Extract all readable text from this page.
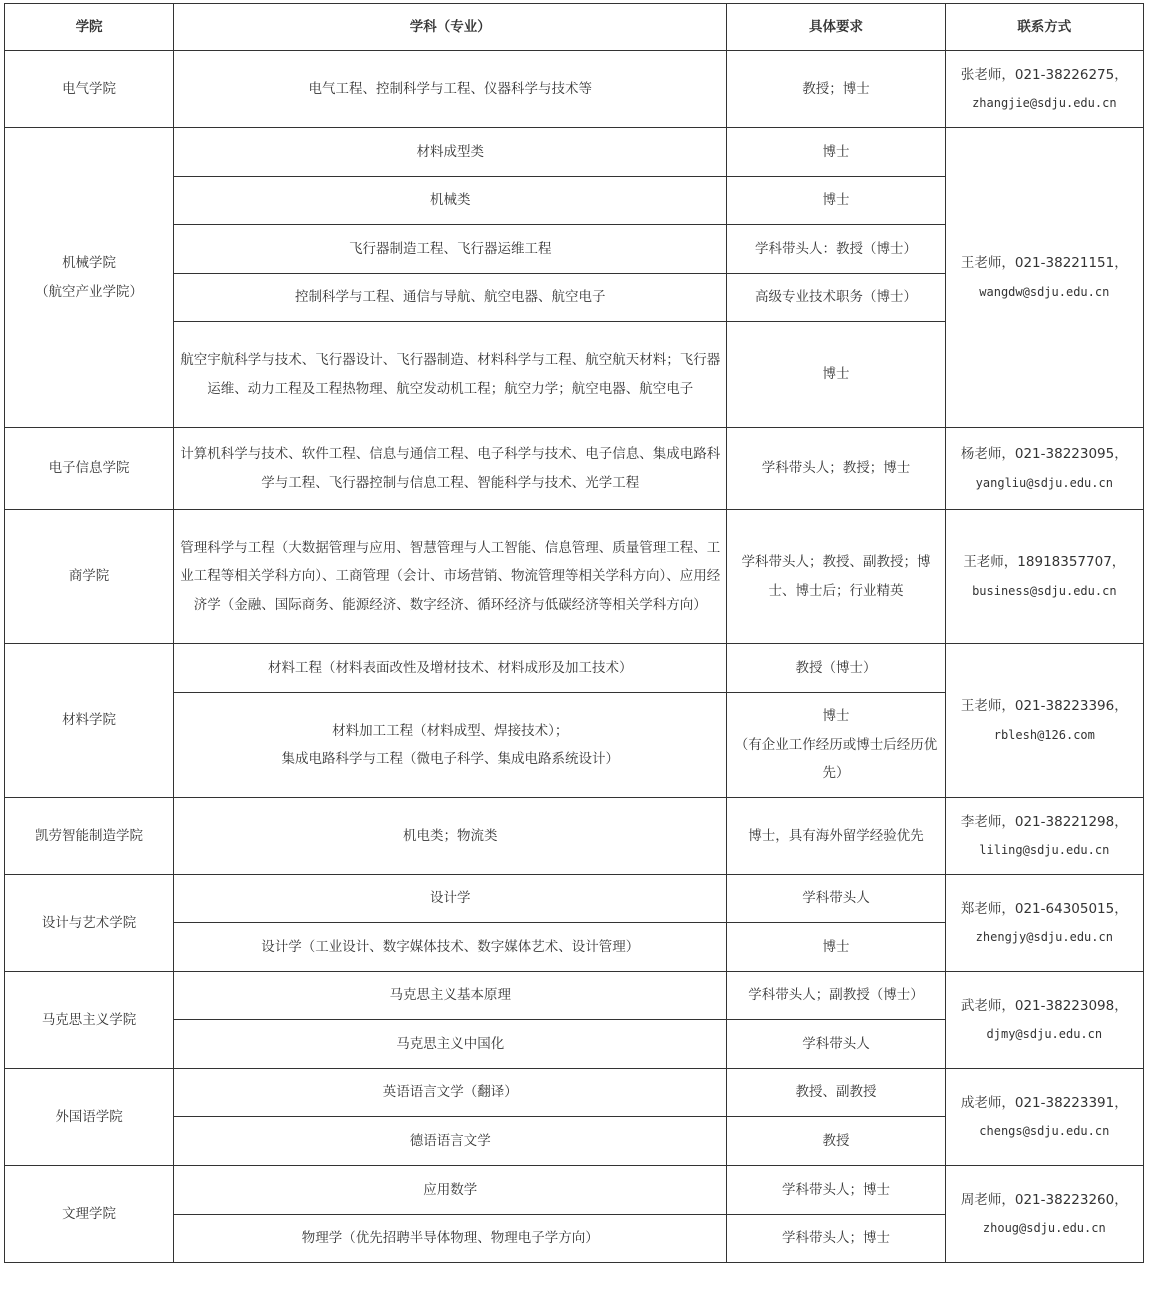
学院	学科（专业）	具体要求	联系方式
电气学院	电气工程、控制科学与工程、仪器科学与技术等	教授；博士	张老师，021-38226275，
zhangjie@sdju.edu.cn

机械学院
（航空产业学院）	材料成型类	博士	王老师，021-38221151，
wangdw@sdju.edu.cn

	机械类	博士	
	飞行器制造工程、飞行器运维工程	学科带头人：教授（博士）	
	控制科学与工程、通信与导航、航空电器、航空电子	高级专业技术职务（博士）	
	航空宇航科学与技术、飞行器设计、飞行器制造、材料科学与工程、航空航天材料；飞行器运维、动力工程及工程热物理、航空发动机工程；航空力学；航空电器、航空电子	博士	
电子信息学院	计算机科学与技术、软件工程、信息与通信工程、电子科学与技术、电子信息、集成电路科学与工程、飞行器控制与信息工程、智能科学与技术、光学工程	学科带头人；教授；博士	杨老师，021-38223095，
yangliu@sdju.edu.cn

商学院	管理科学与工程（大数据管理与应用、智慧管理与人工智能、信息管理、质量管理工程、工业工程等相关学科方向）、工商管理（会计、市场营销、物流管理等相关学科方向）、应用经济学（金融、国际商务、能源经济、数字经济、循环经济与低碳经济等相关学科方向）	学科带头人；教授、副教授；博士、博士后；行业精英	王老师，18918357707，
business@sdju.edu.cn

材料学院	材料工程（材料表面改性及增材技术、材料成形及加工技术）	教授（博士）	王老师，021-38223396，
rblesh@126.com

	材料加工工程（材料成型、焊接技术）；
集成电路科学与工程（微电子科学、集成电路系统设计）	博士
（有企业工作经历或博士后经历优先）	

凯劳智能制造学院	机电类；物流类	博士，具有海外留学经验优先	李老师，021-38221298，
liling@sdju.edu.cn

设计与艺术学院	设计学	学科带头人	郑老师，021-64305015，
zhengjy@sdju.edu.cn

	设计学（工业设计、数字媒体技术、数字媒体艺术、设计管理）	博士	
马克思主义学院	马克思主义基本原理	学科带头人；副教授（博士）	武老师，021-38223098，
djmy@sdju.edu.cn

	马克思主义中国化	学科带头人	
外国语学院	英语语言文学（翻译）	教授、副教授	成老师，021-38223391，
chengs@sdju.edu.cn

	德语语言文学	教授	
文理学院	应用数学	学科带头人；博士	周老师，021-38223260，
zhoug@sdju.edu.cn

	物理学（优先招聘半导体物理、物理电子学方向）	学科带头人；博士	
